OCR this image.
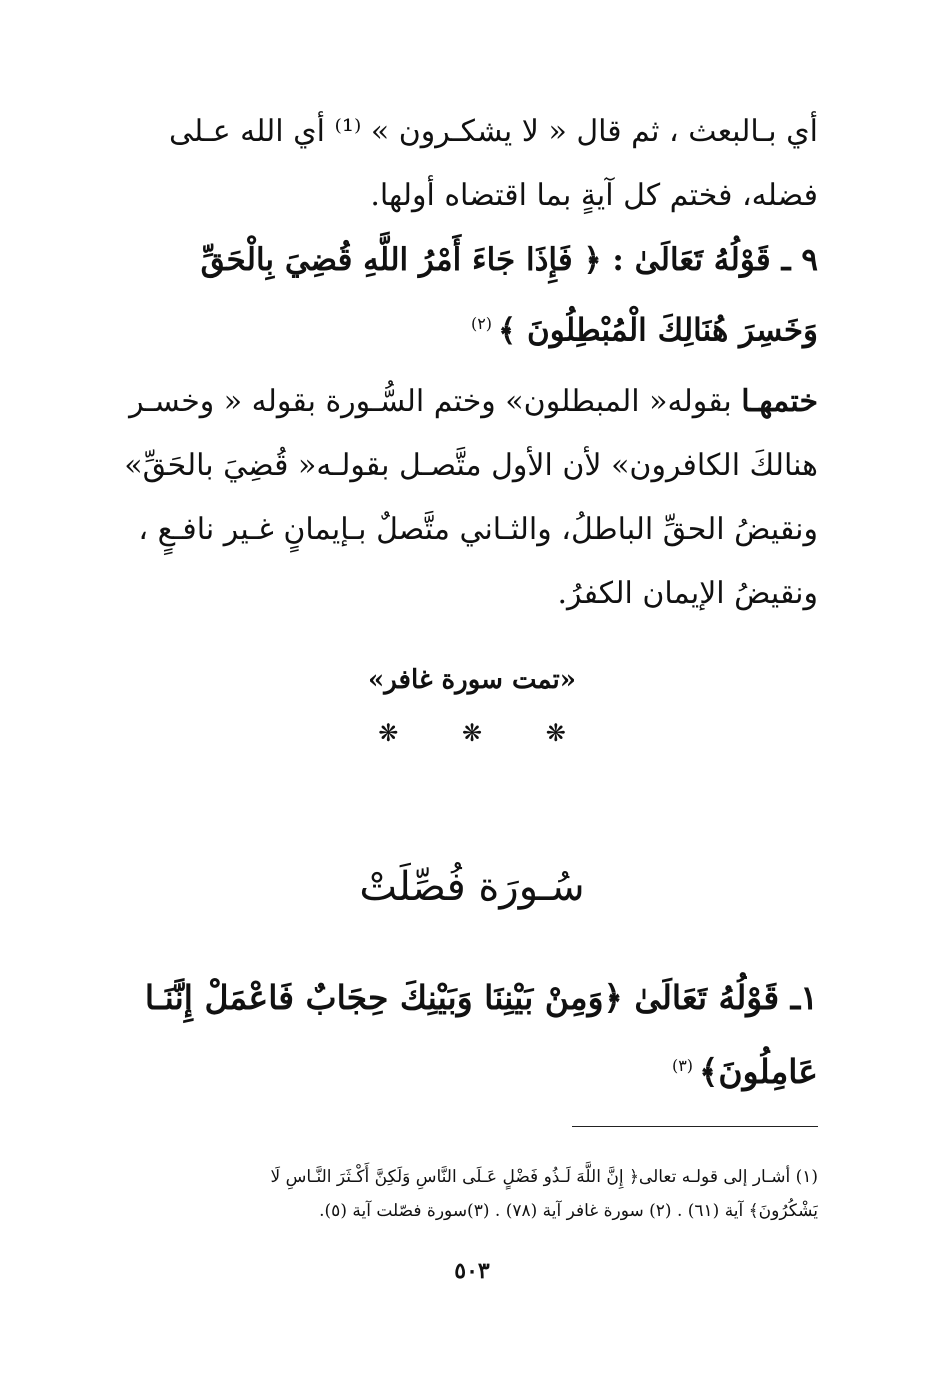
أي بـالبعث ، ثم قال « لا يشكـرون » ⁽¹⁾ أي الله عـلى
فضله، فختم كل آيةٍ بما اقتضاه أولها.
٩ ـ قَوْلُهُ تَعَالَىٰ : ﴿ فَإِذَا جَاءَ أَمْرُ اللَّهِ قُضِيَ بِالْحَقِّ
وَخَسِرَ هُنَالِكَ الْمُبْطِلُونَ ﴾$^{(٢)}$
ختمهـا بقوله« المبطلون» وختم السُّـورة بقوله « وخسـر
هنالكَ الكافرون» لأن الأول متَّصـل بقولـه« قُضِيَ بالحَقِّ»
ونقيضُ الحقِّ الباطلُ، والثـاني متَّصلٌ بـإيمانٍ غـير نافـعٍ ،
ونقيضُ الإيمان الكفرُ.
«تمت سورة غافر»
❋ ❋ ❋
سُـورَة فُصِّلَتْ
١ـ قَوْلُهُ تَعَالَىٰ ﴿وَمِنْ بَيْنِنَا وَبَيْنِكَ حِجَابٌ فَاعْمَلْ إِنَّنَـا
عَامِلُونَ﴾$^{(٣)}$
(١) أشـار إلى قولـه تعالى﴿ إِنَّ اللَّهَ لَـذُو فَضْلٍ عَـلَى النَّاسِ وَلَكِنَّ أَكْـثَرَ النَّـاسِ لَا
يَشْكُرُونَ﴾ آية (٦١) . (٢) سورة غافر آية (٧٨) . (٣)سورة فصّلت آية (٥).
٥٠٣
